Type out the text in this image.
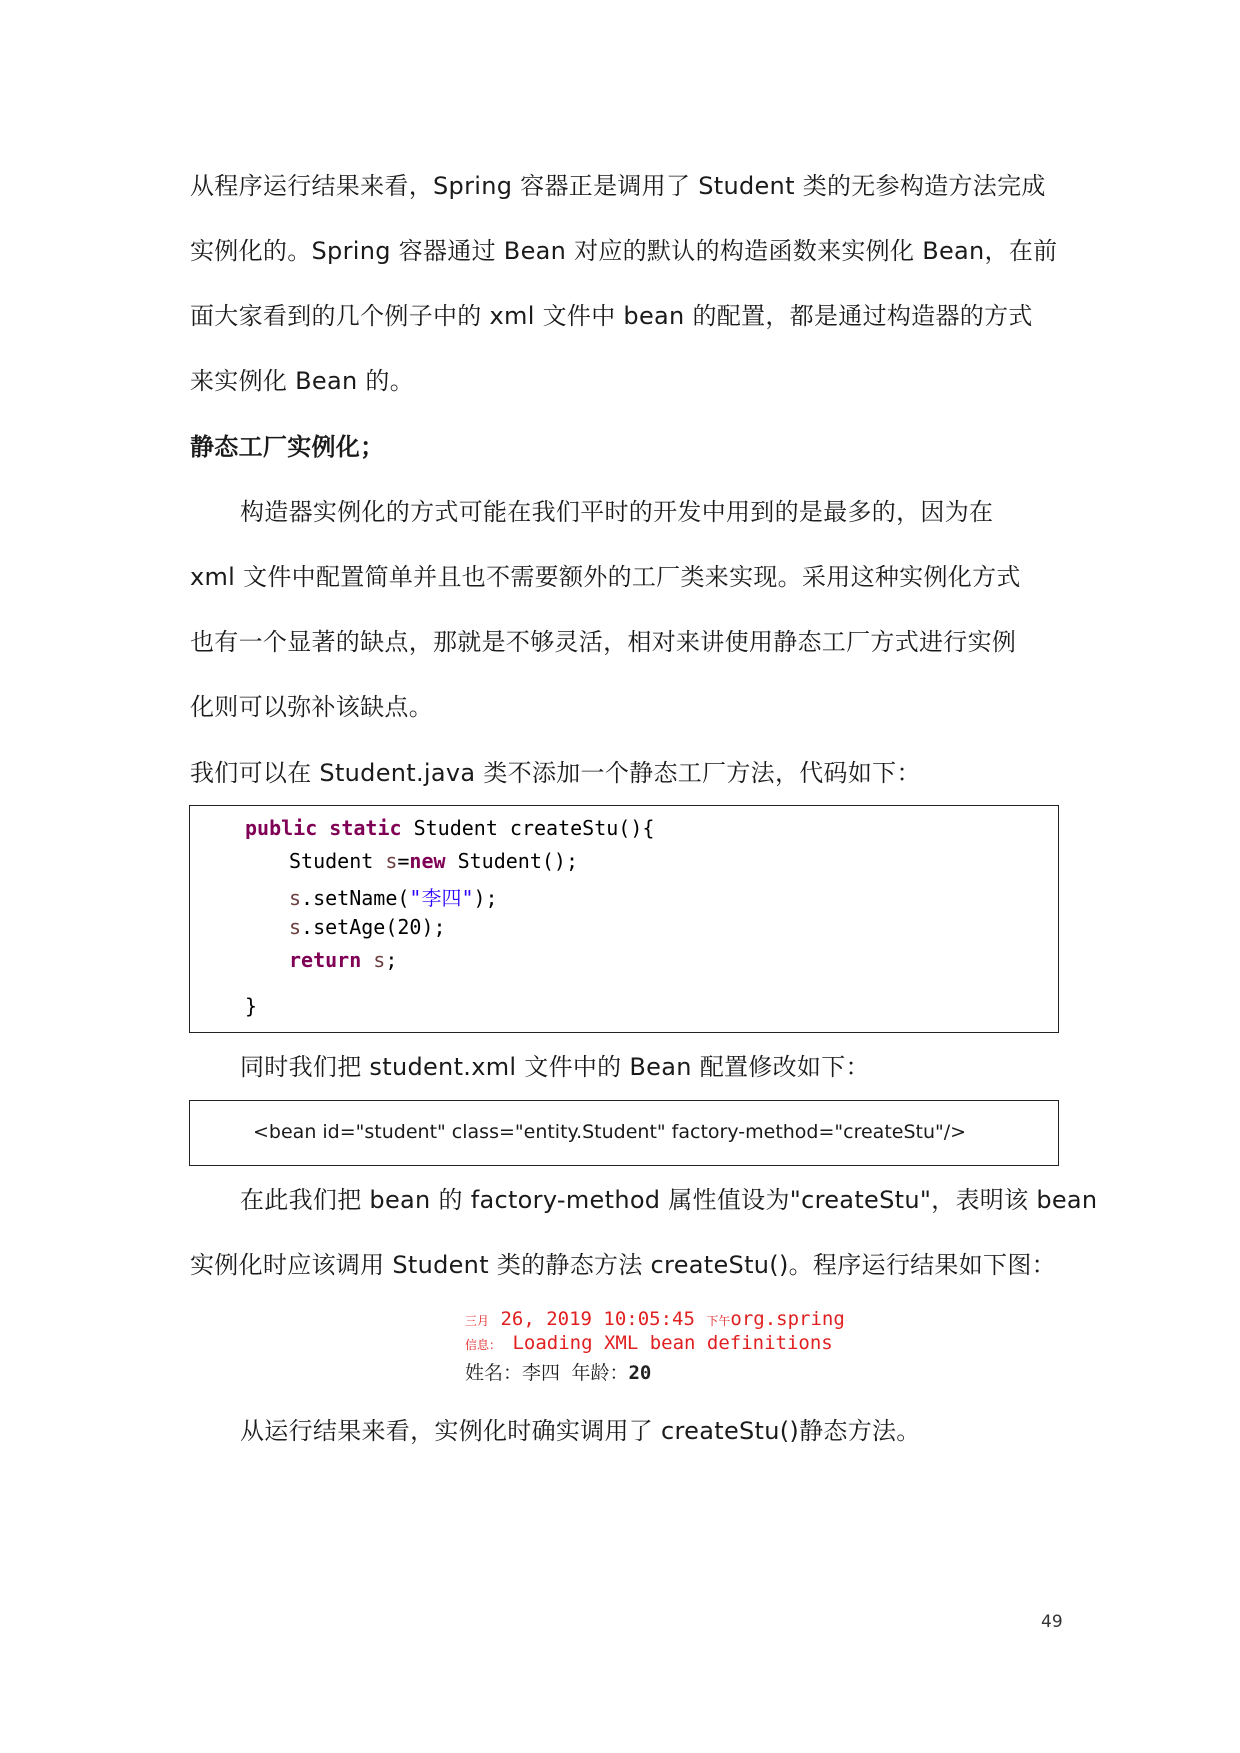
从程序运行结果来看，Spring 容器正是调用了 Student 类的无参构造方法完成
实例化的。Spring 容器通过 Bean 对应的默认的构造函数来实例化 Bean，在前
面大家看到的几个例子中的 xml 文件中 bean 的配置，都是通过构造器的方式
来实例化 Bean 的。
静态工厂实例化；
构造器实例化的方式可能在我们平时的开发中用到的是最多的，因为在
xml 文件中配置简单并且也不需要额外的工厂类来实现。采用这种实例化方式
也有一个显著的缺点，那就是不够灵活，相对来讲使用静态工厂方式进行实例
化则可以弥补该缺点。
我们可以在 Student.java 类不添加一个静态工厂方法，代码如下：
public static Student createStu(){
Student s=new Student();
s.setName("李四");
s.setAge(20);
return s;
}
同时我们把 student.xml 文件中的 Bean 配置修改如下：
<bean id="student" class="entity.Student" factory-method="createStu"/>
在此我们把 bean 的 factory-method 属性值设为"createStu"，表明该 bean
实例化时应该调用 Student 类的静态方法 createStu()。程序运行结果如下图：
三月 26, 2019 10:05:45 下午org.spring
信息： Loading XML bean definitions
姓名：李四 年龄：20
从运行结果来看，实例化时确实调用了 createStu()静态方法。
49
